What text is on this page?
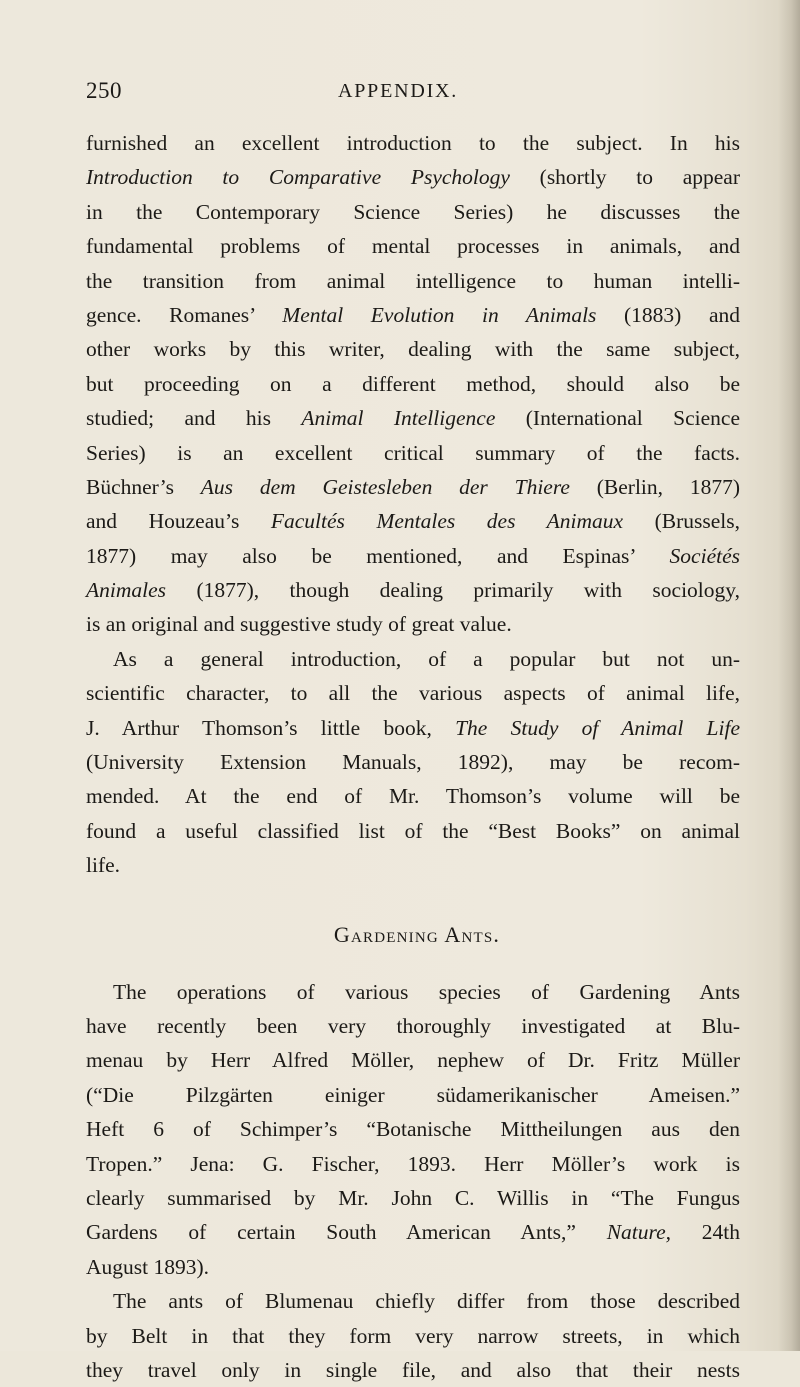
250	APPENDIX.
furnished an excellent introduction to the subject. In his
Introduction to Comparative Psychology (shortly to appear
in the Contemporary Science Series) he discusses the
fundamental problems of mental processes in animals, and
the transition from animal intelligence to human intelli-
gence. Romanes’ Mental Evolution in Animals (1883) and
other works by this writer, dealing with the same subject,
but proceeding on a different method, should also be
studied; and his Animal Intelligence (International Science
Series) is an excellent critical summary of the facts.
Büchner’s Aus dem Geistesleben der Thiere (Berlin, 1877)
and Houzeau’s Facultés Mentales des Animaux (Brussels,
1877) may also be mentioned, and Espinas’ Sociétés
Animales (1877), though dealing primarily with sociology,
is an original and suggestive study of great value.
As a general introduction, of a popular but not un-
scientific character, to all the various aspects of animal life,
J. Arthur Thomson’s little book, The Study of Animal Life
(University Extension Manuals, 1892), may be recom-
mended. At the end of Mr. Thomson’s volume will be
found a useful classified list of the “Best Books” on animal
life.
Gardening Ants.
The operations of various species of Gardening Ants
have recently been very thoroughly investigated at Blu-
menau by Herr Alfred Möller, nephew of Dr. Fritz Müller
(“Die Pilzgärten einiger südamerikanischer Ameisen.”
Heft 6 of Schimper’s “Botanische Mittheilungen aus den
Tropen.” Jena: G. Fischer, 1893. Herr Möller’s work is
clearly summarised by Mr. John C. Willis in “The Fungus
Gardens of certain South American Ants,” Nature, 24th
August 1893).
The ants of Blumenau chiefly differ from those described
by Belt in that they form very narrow streets, in which
they travel only in single file, and also that their nests
